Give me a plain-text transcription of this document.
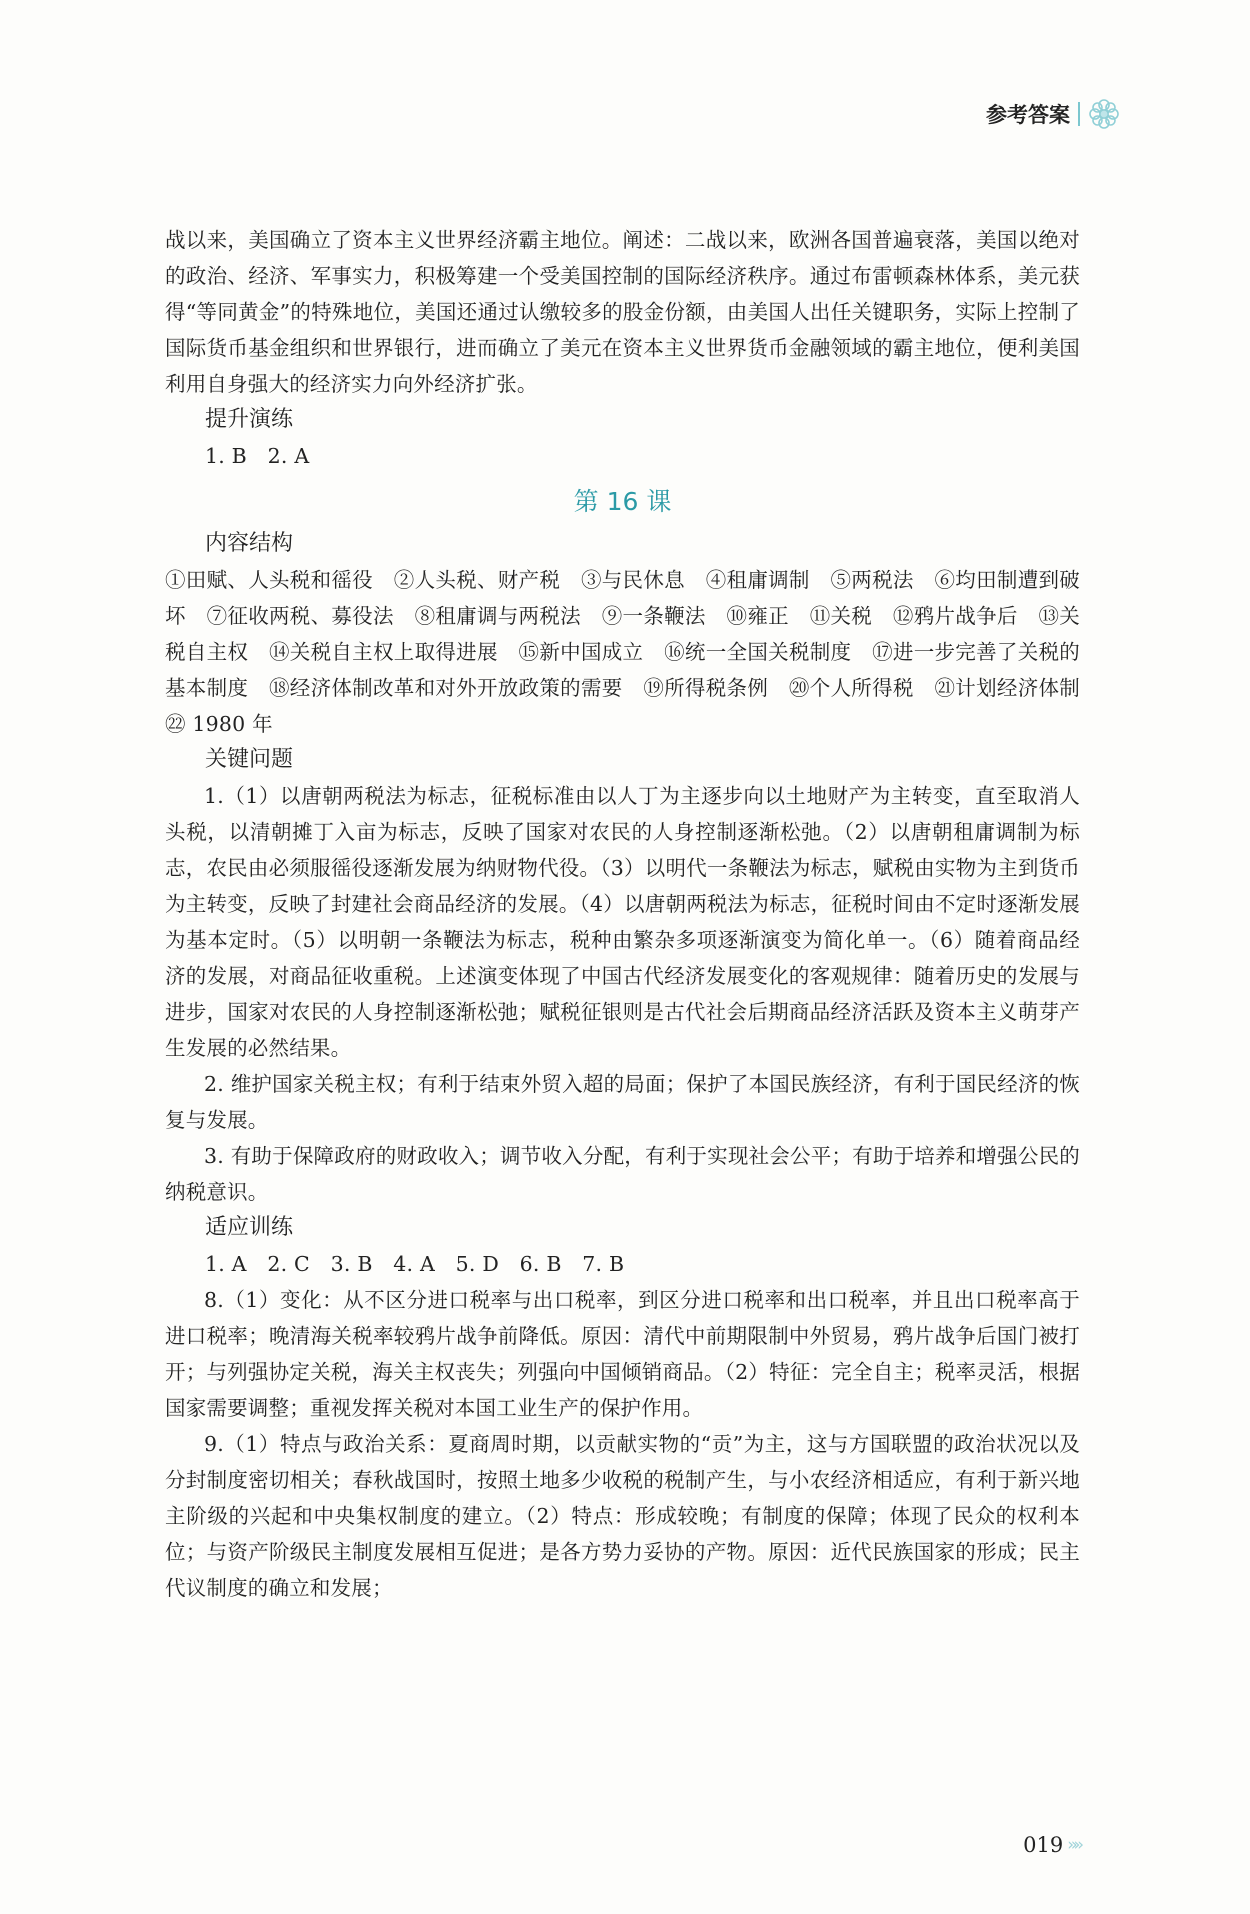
参考答案

战以来，美国确立了资本主义世界经济霸主地位。阐述：二战以来，欧洲各国普遍衰落，美国以绝对的政治、经济、军事实力，积极筹建一个受美国控制的国际经济秩序。通过布雷顿森林体系，美元获得“等同黄金”的特殊地位，美国还通过认缴较多的股金份额，由美国人出任关键职务，实际上控制了国际货币基金组织和世界银行，进而确立了美元在资本主义世界货币金融领域的霸主地位，便利美国利用自身强大的经济实力向外经济扩张。

提升演练

1. B　2. A

第 16 课

内容结构

①田赋、人头税和徭役　②人头税、财产税　③与民休息　④租庸调制　⑤两税法　⑥均田制遭到破坏　⑦征收两税、募役法　⑧租庸调与两税法　⑨一条鞭法　⑩雍正　⑪关税　⑫鸦片战争后　⑬关税自主权　⑭关税自主权上取得进展　⑮新中国成立　⑯统一全国关税制度　⑰进一步完善了关税的基本制度　⑱经济体制改革和对外开放政策的需要　⑲所得税条例　⑳个人所得税　㉑计划经济体制　㉒ 1980 年

关键问题

1.（1）以唐朝两税法为标志，征税标准由以人丁为主逐步向以土地财产为主转变，直至取消人头税，以清朝摊丁入亩为标志，反映了国家对农民的人身控制逐渐松弛。（2）以唐朝租庸调制为标志，农民由必须服徭役逐渐发展为纳财物代役。（3）以明代一条鞭法为标志，赋税由实物为主到货币为主转变，反映了封建社会商品经济的发展。（4）以唐朝两税法为标志，征税时间由不定时逐渐发展为基本定时。（5）以明朝一条鞭法为标志，税种由繁杂多项逐渐演变为简化单一。（6）随着商品经济的发展，对商品征收重税。上述演变体现了中国古代经济发展变化的客观规律：随着历史的发展与进步，国家对农民的人身控制逐渐松弛；赋税征银则是古代社会后期商品经济活跃及资本主义萌芽产生发展的必然结果。

2. 维护国家关税主权；有利于结束外贸入超的局面；保护了本国民族经济，有利于国民经济的恢复与发展。

3. 有助于保障政府的财政收入；调节收入分配，有利于实现社会公平；有助于培养和增强公民的纳税意识。

适应训练

1. A　2. C　3. B　4. A　5. D　6. B　7. B

8.（1）变化：从不区分进口税率与出口税率，到区分进口税率和出口税率，并且出口税率高于进口税率；晚清海关税率较鸦片战争前降低。原因：清代中前期限制中外贸易，鸦片战争后国门被打开；与列强协定关税，海关主权丧失；列强向中国倾销商品。（2）特征：完全自主；税率灵活，根据国家需要调整；重视发挥关税对本国工业生产的保护作用。

9.（1）特点与政治关系：夏商周时期，以贡献实物的“贡”为主，这与方国联盟的政治状况以及分封制度密切相关；春秋战国时，按照土地多少收税的税制产生，与小农经济相适应，有利于新兴地主阶级的兴起和中央集权制度的建立。（2）特点：形成较晚；有制度的保障；体现了民众的权利本位；与资产阶级民主制度发展相互促进；是各方势力妥协的产物。原因：近代民族国家的形成；民主代议制度的确立和发展；

019 »»
